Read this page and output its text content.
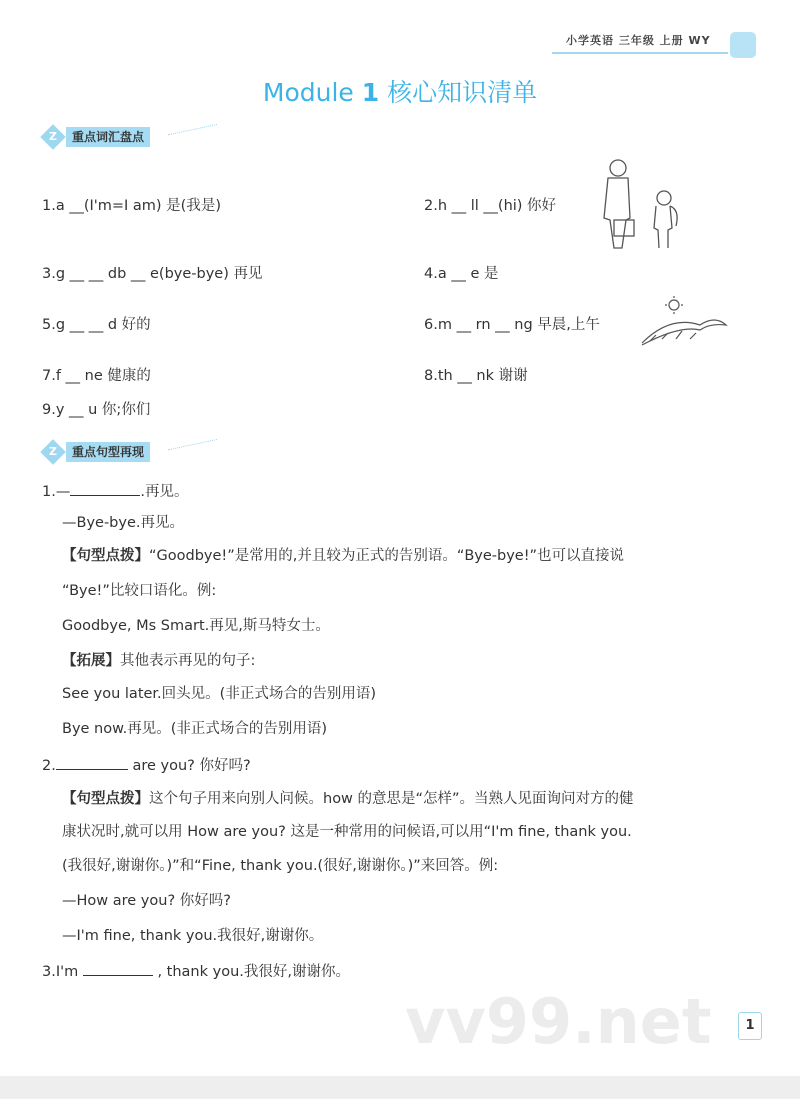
小学英语 三年级 上册 WY
Module 1 核心知识清单
Z	重点词汇盘点
1.a __(I'm=I am) 是(我是)	2.h __ ll __(hi) 你好
3.g __ __ db __ e(bye-bye) 再见	4.a __ e 是
5.g __ __ d 好的	6.m __ rn __ ng 早晨,上午
7.f __ ne 健康的	8.th __ nk 谢谢
9.y __ u 你;你们
Z	重点句型再现
1.—	.再见。
—Bye-bye.再见。
【句型点拨】“Goodbye!”是常用的,并且较为正式的告别语。“Bye-bye!”也可以直接说
“Bye!”比较口语化。例:
Goodbye, Ms Smart.再见,斯马特女士。
【拓展】其他表示再见的句子:
See you later.回头见。(非正式场合的告别用语)
Bye now.再见。(非正式场合的告别用语)
2.	are you? 你好吗?
【句型点拨】这个句子用来向别人问候。how 的意思是“怎样”。当熟人见面询问对方的健
康状况时,就可以用 How are you? 这是一种常用的问候语,可以用“I'm fine, thank you.
(我很好,谢谢你。)”和“Fine, thank you.(很好,谢谢你。)”来回答。例:
—How are you? 你好吗?
—I'm fine, thank you.我很好,谢谢你。
3.I'm	, thank you.我很好,谢谢你。
vv99.net	1
